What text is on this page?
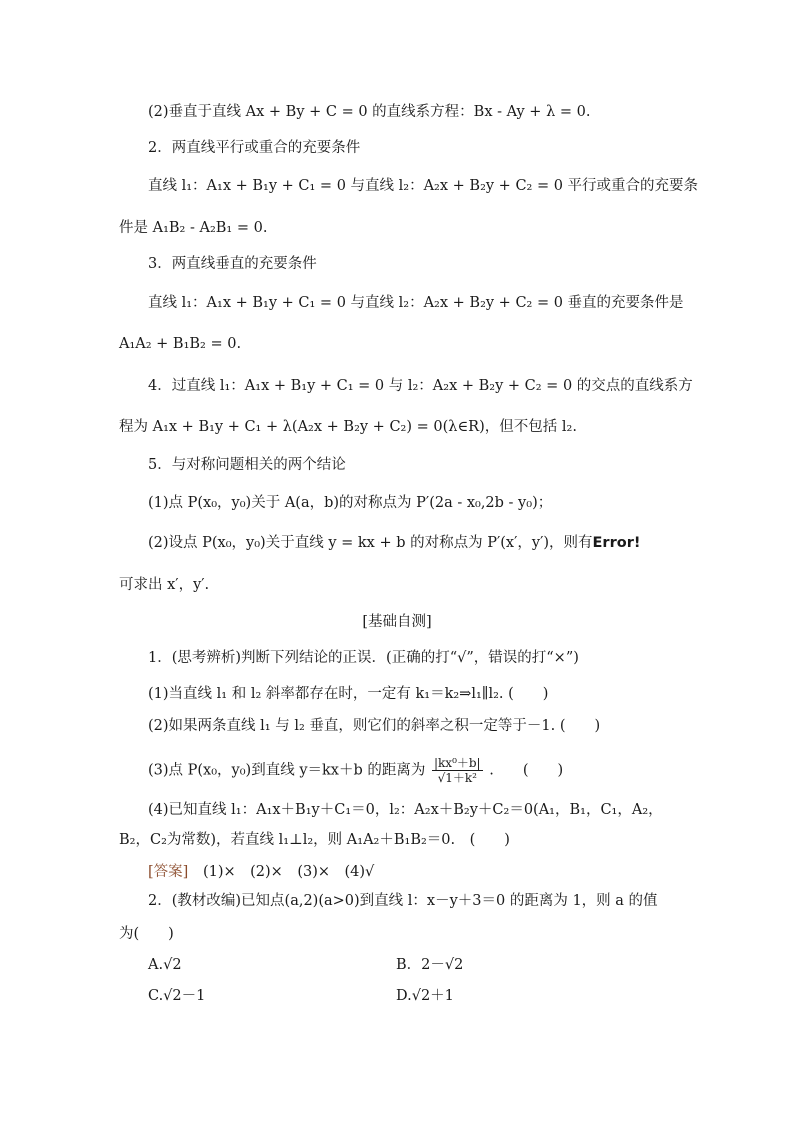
(2)垂直于直线 Ax + By + C = 0 的直线系方程：Bx - Ay + λ = 0.
2．两直线平行或重合的充要条件
直线 l₁：A₁x + B₁y + C₁ = 0 与直线 l₂：A₂x + B₂y + C₂ = 0 平行或重合的充要条
件是 A₁B₂ - A₂B₁ = 0.
3．两直线垂直的充要条件
直线 l₁：A₁x + B₁y + C₁ = 0 与直线 l₂：A₂x + B₂y + C₂ = 0 垂直的充要条件是
A₁A₂ + B₁B₂ = 0.
4．过直线 l₁：A₁x + B₁y + C₁ = 0 与 l₂：A₂x + B₂y + C₂ = 0 的交点的直线系方
程为 A₁x + B₁y + C₁ + λ(A₂x + B₂y + C₂) = 0(λ∈R)，但不包括 l₂.
5．与对称问题相关的两个结论
(1)点 P(x₀，y₀)关于 A(a，b)的对称点为 P′(2a - x₀,2b - y₀)；
(2)设点 P(x₀，y₀)关于直线 y = kx + b 的对称点为 P′(x′，y′)，则有Error!
可求出 x′，y′.
[基础自测]
1．(思考辨析)判断下列结论的正误．(正确的打“√”，错误的打“×”)
(1)当直线 l₁ 和 l₂ 斜率都存在时，一定有 k₁＝k₂⇒l₁∥l₂. (　　)
(2)如果两条直线 l₁ 与 l₂ 垂直，则它们的斜率之积一定等于－1. (　　)
(3)点 P(x₀，y₀)到直线 y＝kx＋b 的距离为 $\frac{\text{|kx⁰＋b|}}{\text{√1＋k²}}$ .　　(　　)
(4)已知直线 l₁：A₁x＋B₁y＋C₁＝0，l₂：A₂x＋B₂y＋C₂＝0(A₁，B₁，C₁，A₂，
B₂，C₂为常数)，若直线 l₁⊥l₂，则 A₁A₂＋B₁B₂＝0.　(　　)
[答案] (1)×　(2)×　(3)×　(4)√
2．(教材改编)已知点(a,2)(a>0)到直线 l：x－y＋3＝0 的距离为 1，则 a 的值
为(　　)
A.√2	B．2－√2
C.√2－1	D.√2＋1
